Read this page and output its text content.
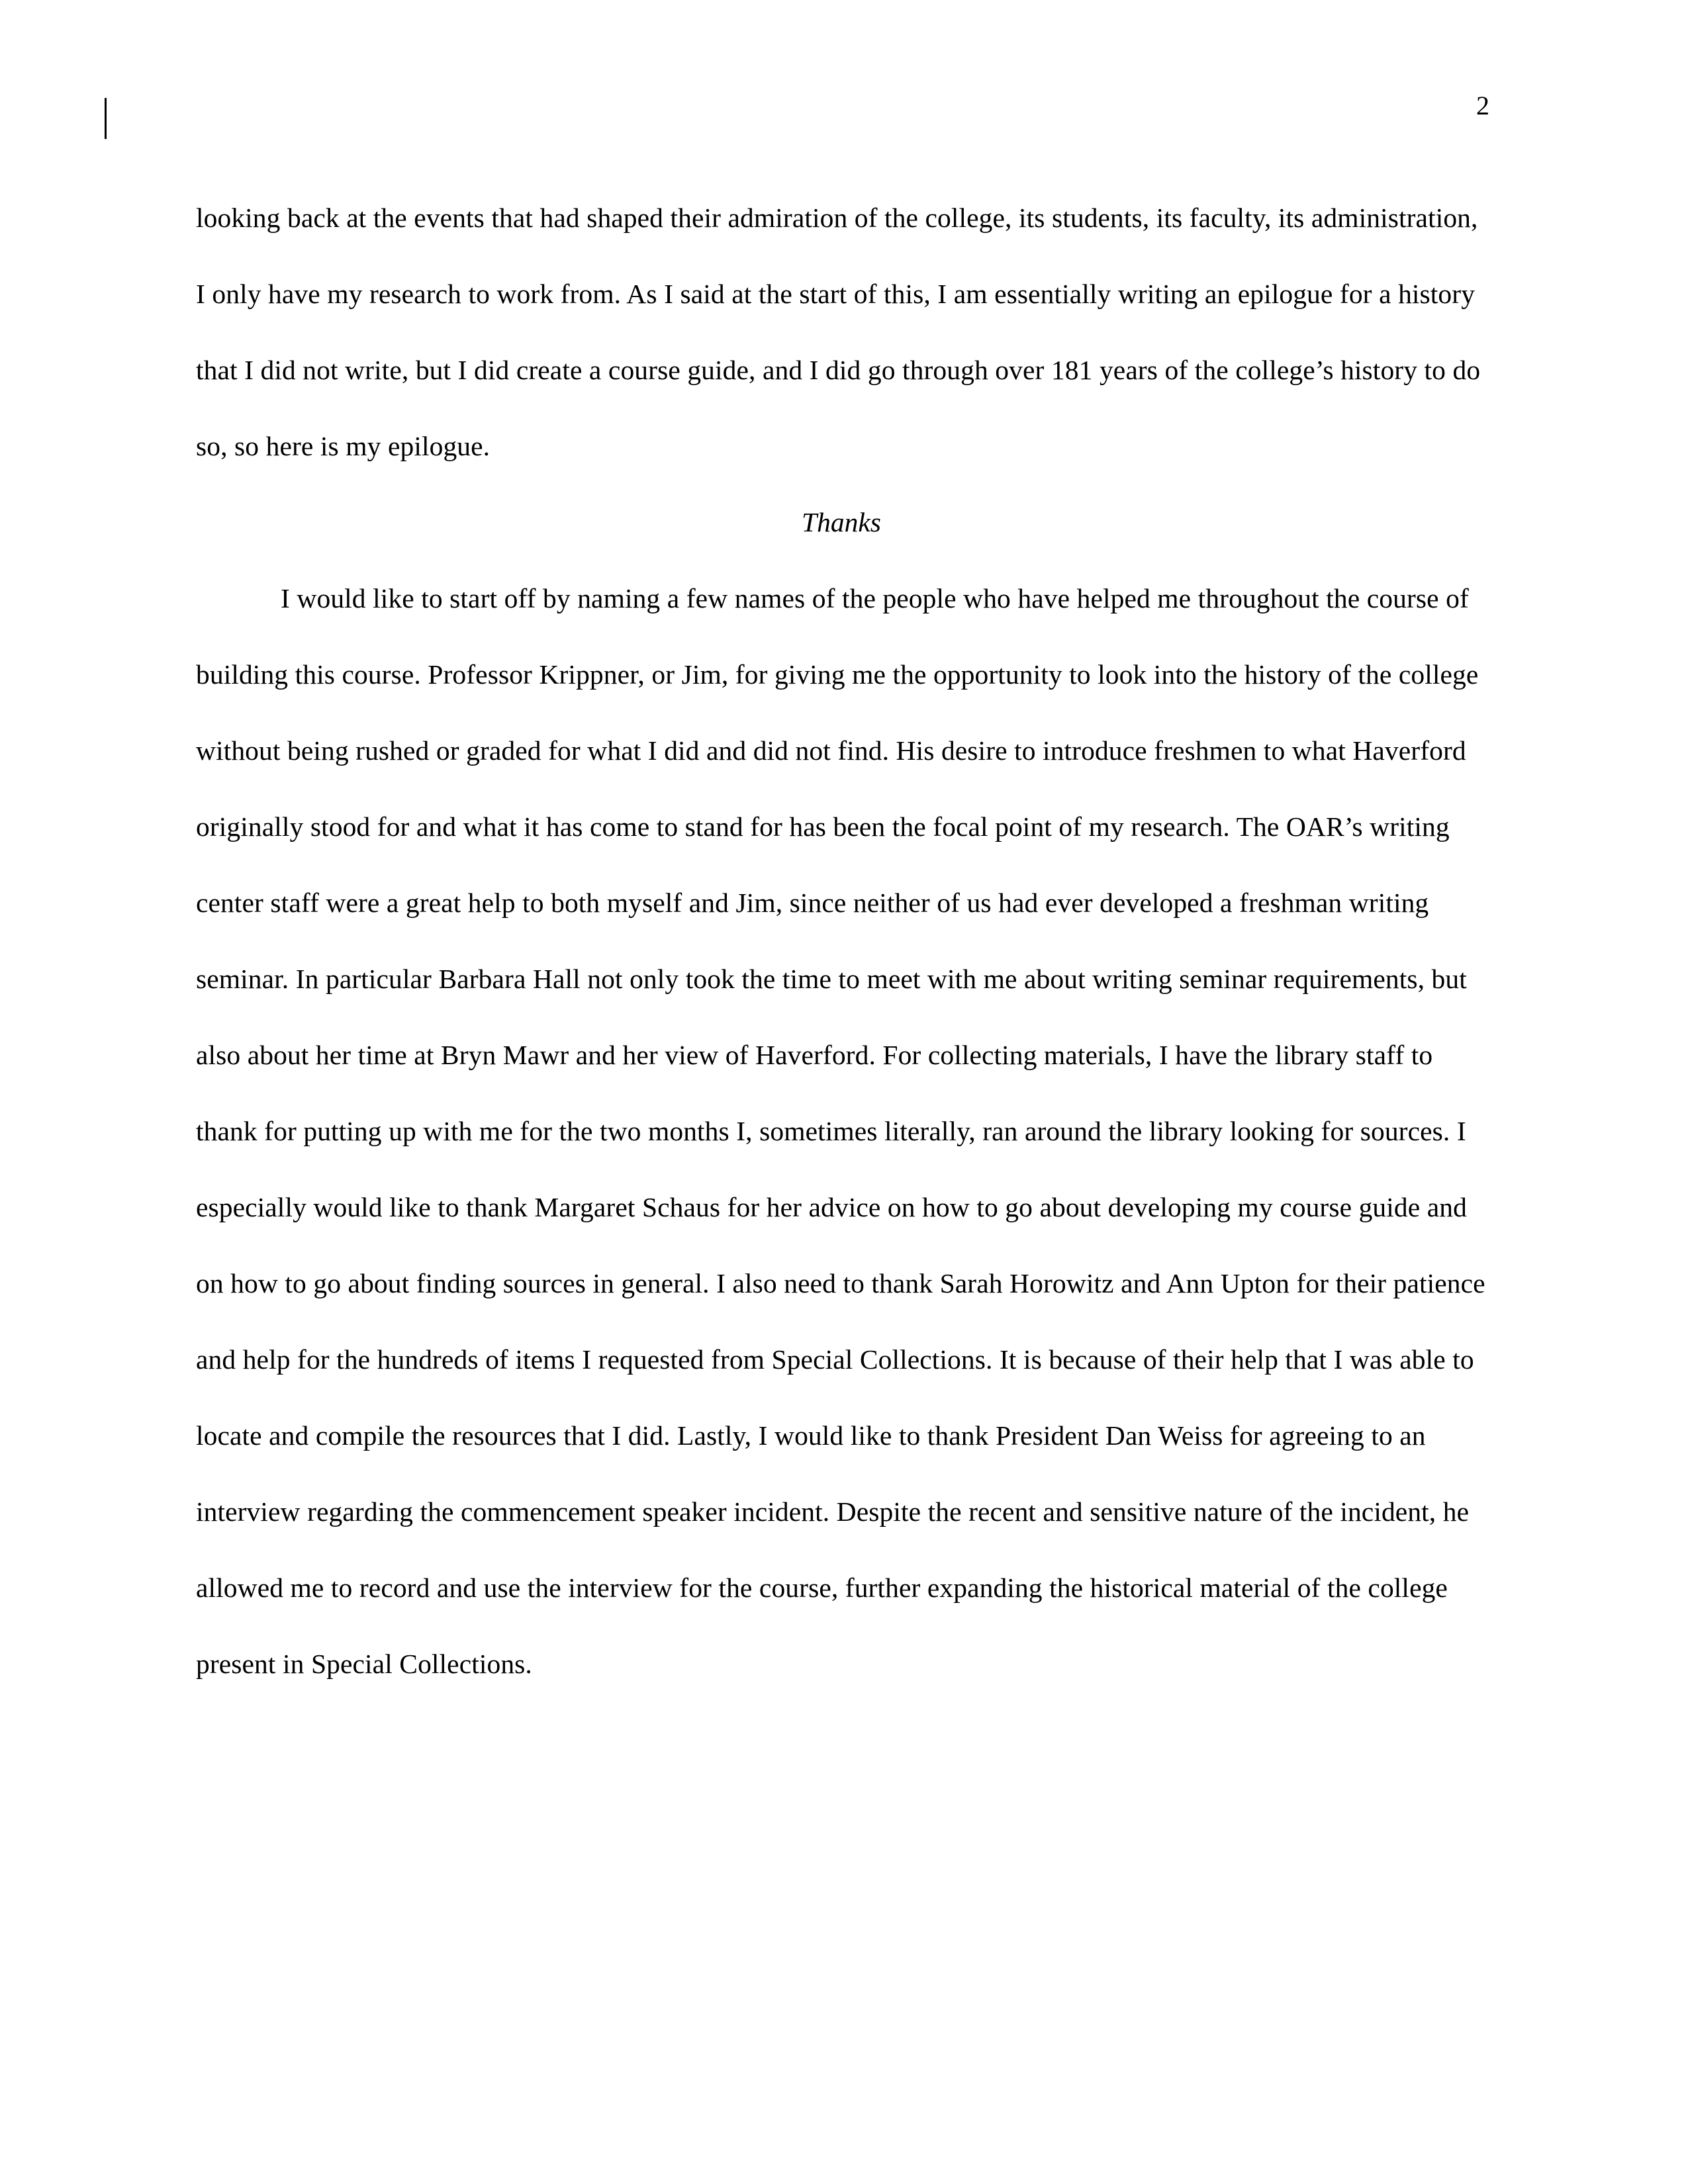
2

looking back at the events that had shaped their admiration of the college, its students, its faculty, its administration, I only have my research to work from. As I said at the start of this, I am essentially writing an epilogue for a history that I did not write, but I did create a course guide, and I did go through over 181 years of the college’s history to do so, so here is my epilogue.

Thanks

I would like to start off by naming a few names of the people who have helped me throughout the course of building this course. Professor Krippner, or Jim, for giving me the opportunity to look into the history of the college without being rushed or graded for what I did and did not find. His desire to introduce freshmen to what Haverford originally stood for and what it has come to stand for has been the focal point of my research. The OAR’s writing center staff were a great help to both myself and Jim, since neither of us had ever developed a freshman writing seminar. In particular Barbara Hall not only took the time to meet with me about writing seminar requirements, but also about her time at Bryn Mawr and her view of Haverford. For collecting materials, I have the library staff to thank for putting up with me for the two months I, sometimes literally, ran around the library looking for sources. I especially would like to thank Margaret Schaus for her advice on how to go about developing my course guide and on how to go about finding sources in general. I also need to thank Sarah Horowitz and Ann Upton for their patience and help for the hundreds of items I requested from Special Collections. It is because of their help that I was able to locate and compile the resources that I did. Lastly, I would like to thank President Dan Weiss for agreeing to an interview regarding the commencement speaker incident. Despite the recent and sensitive nature of the incident, he allowed me to record and use the interview for the course, further expanding the historical material of the college present in Special Collections.
